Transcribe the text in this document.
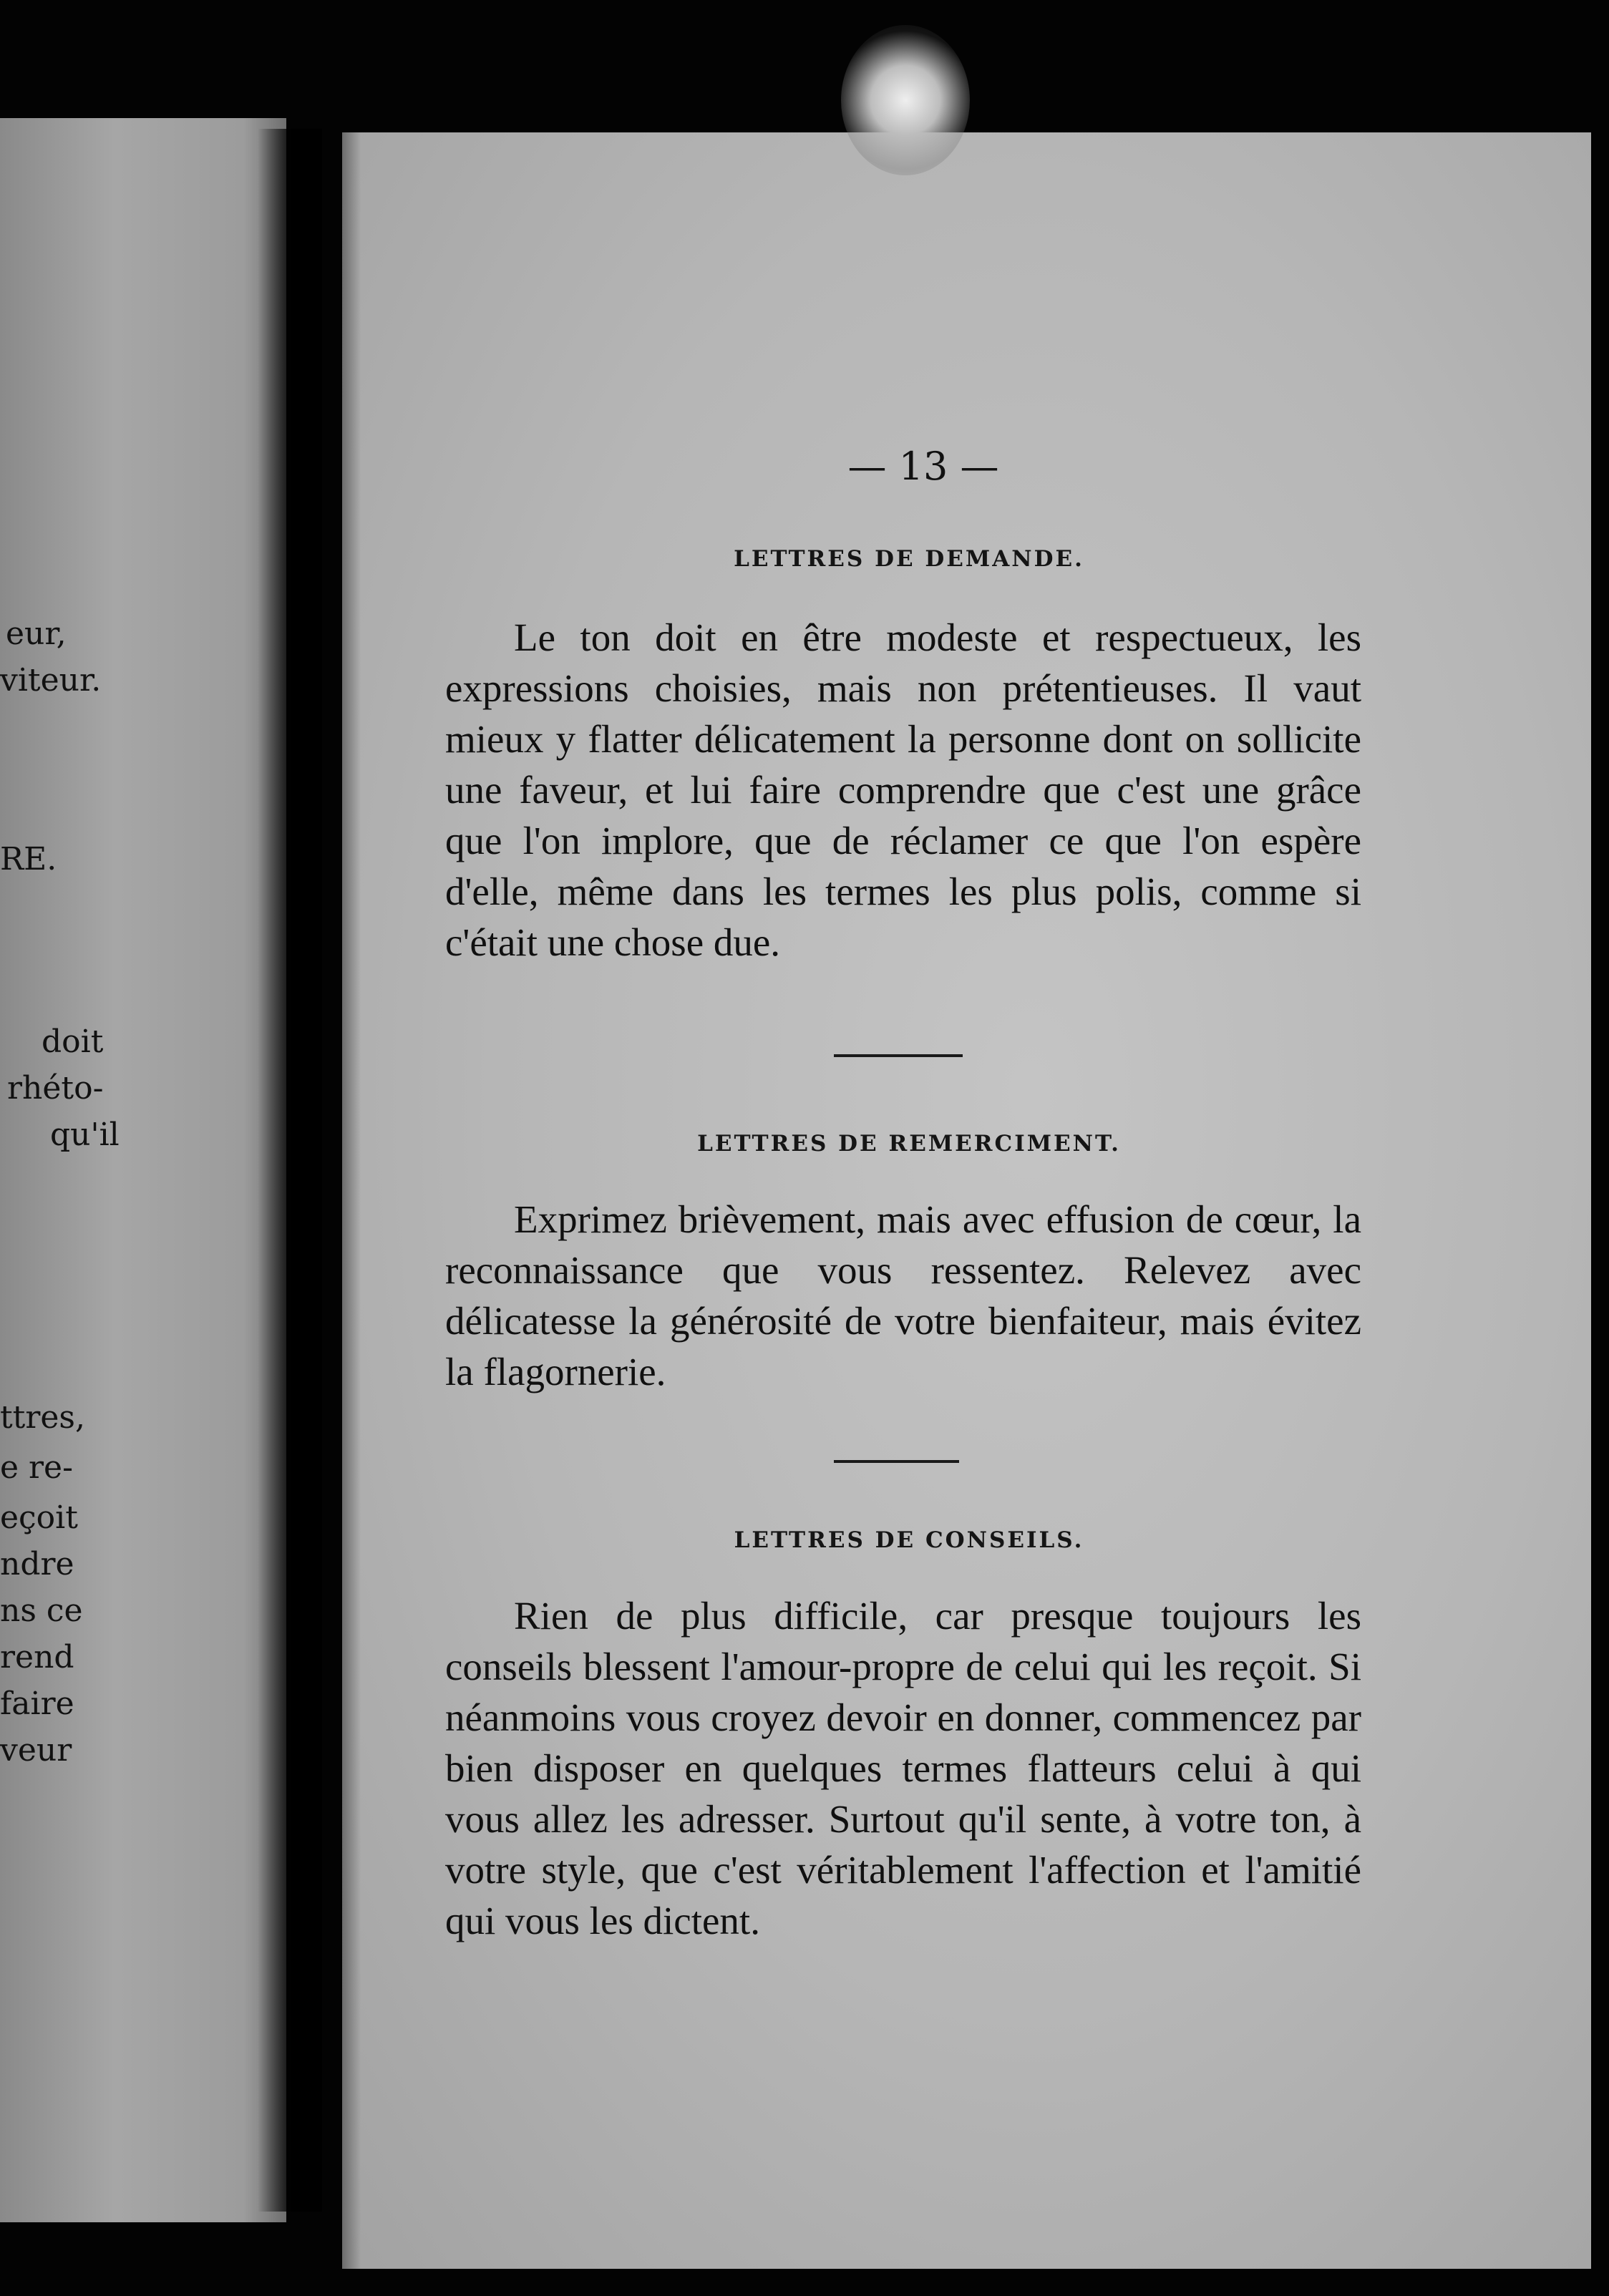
eur,
viteur.
RE.
doit
rhéto-
qu'il
ttres,
e re-
eçoit
ndre
ns ce
rend
faire
veur
— 13 —
LETTRES DE DEMANDE.
Le ton doit en être modeste et respectueux, les expressions choisies, mais non prétentieuses. Il vaut mieux y flatter délicatement la personne dont on sollicite une faveur, et lui faire comprendre que c'est une grâce que l'on implore, que de réclamer ce que l'on espère d'elle, même dans les termes les plus polis, comme si c'était une chose due.
LETTRES DE REMERCIMENT.
Exprimez brièvement, mais avec effusion de cœur, la reconnaissance que vous ressentez. Relevez avec délicatesse la générosité de votre bienfaiteur, mais évitez la flagornerie.
LETTRES DE CONSEILS.
Rien de plus difficile, car presque toujours les conseils blessent l'amour-propre de celui qui les reçoit. Si néanmoins vous croyez devoir en donner, commencez par bien disposer en quelques termes flatteurs celui à qui vous allez les adresser. Surtout qu'il sente, à votre ton, à votre style, que c'est véritablement l'affection et l'amitié qui vous les dictent.
